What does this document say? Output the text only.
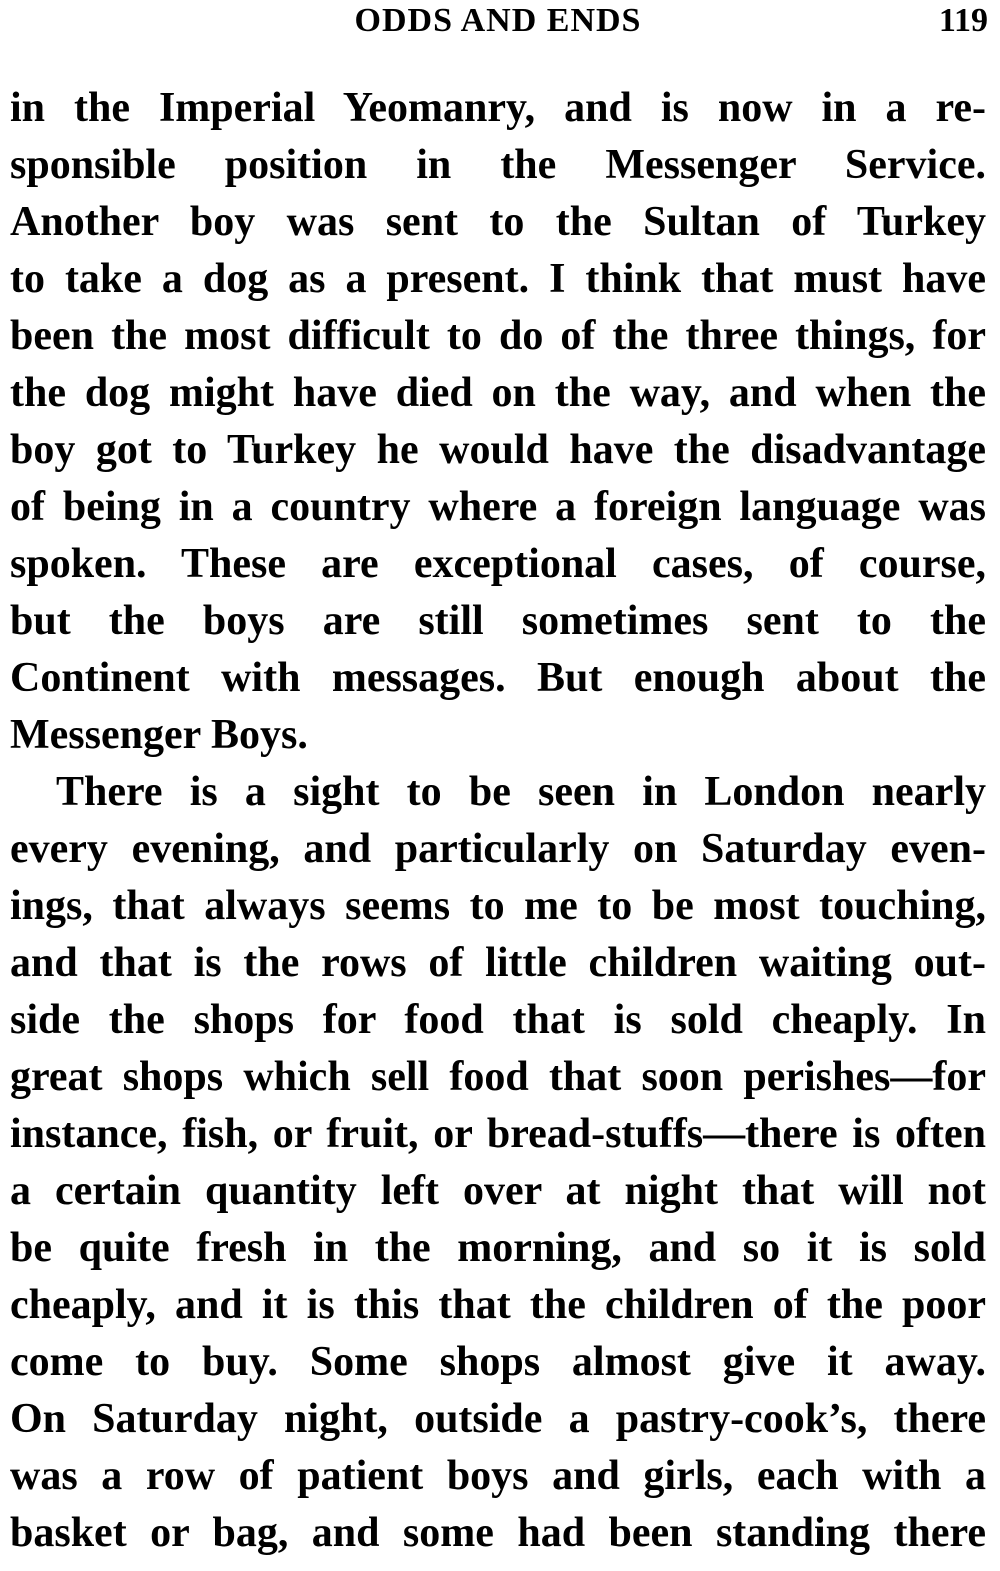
ODDS AND ENDS	119
in the Imperial Yeomanry, and is now in a re-
sponsible position in the Messenger Service.
Another boy was sent to the Sultan of Turkey
to take a dog as a present. I think that must have
been the most difficult to do of the three things, for
the dog might have died on the way, and when the
boy got to Turkey he would have the disadvantage
of being in a country where a foreign language was
spoken. These are exceptional cases, of course,
but the boys are still sometimes sent to the
Continent with messages. But enough about the
Messenger Boys.
There is a sight to be seen in London nearly
every evening, and particularly on Saturday even-
ings, that always seems to me to be most touching,
and that is the rows of little children waiting out-
side the shops for food that is sold cheaply. In
great shops which sell food that soon perishes—for
instance, fish, or fruit, or bread-stuffs—there is often
a certain quantity left over at night that will not
be quite fresh in the morning, and so it is sold
cheaply, and it is this that the children of the poor
come to buy. Some shops almost give it away.
On Saturday night, outside a pastry-cook’s, there
was a row of patient boys and girls, each with a
basket or bag, and some had been standing there
